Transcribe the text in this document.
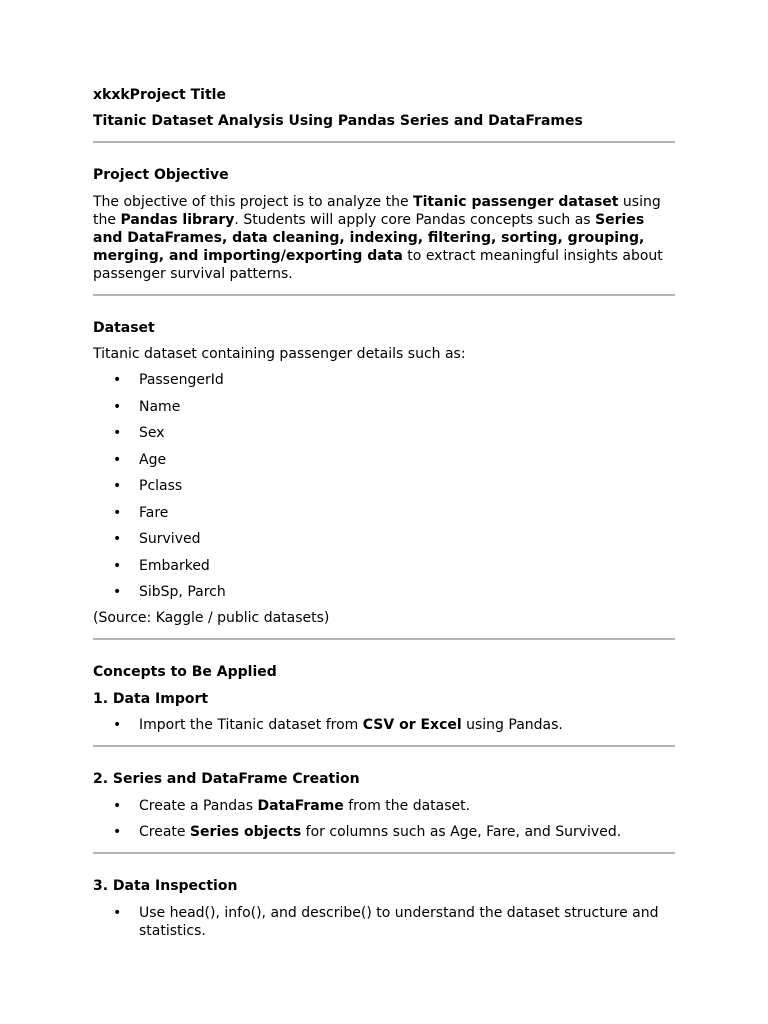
xkxkProject Title

Titanic Dataset Analysis Using Pandas Series and DataFrames

Project Objective

The objective of this project is to analyze the Titanic passenger dataset using the Pandas library. Students will apply core Pandas concepts such as Series and DataFrames, data cleaning, indexing, filtering, sorting, grouping, merging, and importing/exporting data to extract meaningful insights about passenger survival patterns.

Dataset

Titanic dataset containing passenger details such as:

• PassengerId
• Name
• Sex
• Age
• Pclass
• Fare
• Survived
• Embarked
• SibSp, Parch

(Source: Kaggle / public datasets)

Concepts to Be Applied

1. Data Import

• Import the Titanic dataset from CSV or Excel using Pandas.

2. Series and DataFrame Creation

• Create a Pandas DataFrame from the dataset.
• Create Series objects for columns such as Age, Fare, and Survived.

3. Data Inspection

• Use head(), info(), and describe() to understand the dataset structure and statistics.
